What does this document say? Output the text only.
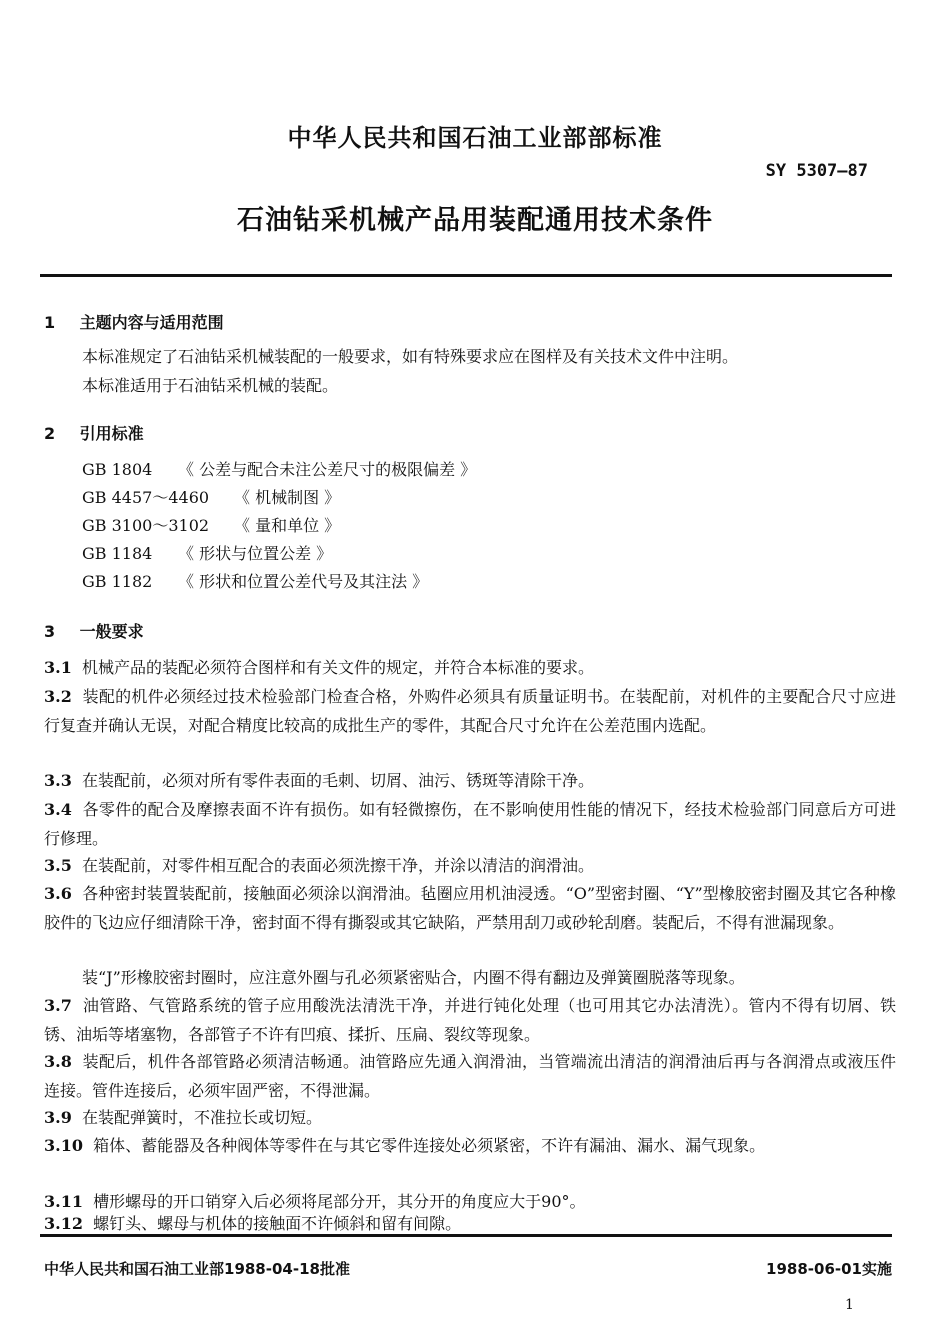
中华人民共和国石油工业部部标准
SY 5307—87
石油钻采机械产品用装配通用技术条件
1 主题内容与适用范围
本标准规定了石油钻采机械装配的一般要求，如有特殊要求应在图样及有关技术文件中注明。
本标准适用于石油钻采机械的装配。
2 引用标准
GB 1804 《 公差与配合未注公差尺寸的极限偏差 》
GB 4457～4460 《 机械制图 》
GB 3100～3102 《 量和单位 》
GB 1184 《 形状与位置公差 》
GB 1182 《 形状和位置公差代号及其注法 》
3 一般要求
3.1 机械产品的装配必须符合图样和有关文件的规定，并符合本标准的要求。
3.2 装配的机件必须经过技术检验部门检查合格，外购件必须具有质量证明书。在装配前，对机件的主要配合尺寸应进行复查并确认无误，对配合精度比较高的成批生产的零件，其配合尺寸允许在公差范围内选配。
3.3 在装配前，必须对所有零件表面的毛刺、切屑、油污、锈斑等清除干净。
3.4 各零件的配合及摩擦表面不许有损伤。如有轻微擦伤，在不影响使用性能的情况下，经技术检验部门同意后方可进行修理。
3.5 在装配前，对零件相互配合的表面必须洗擦干净，并涂以清洁的润滑油。
3.6 各种密封装置装配前，接触面必须涂以润滑油。毡圈应用机油浸透。“O”型密封圈、“Y”型橡胶密封圈及其它各种橡胶件的飞边应仔细清除干净，密封面不得有撕裂或其它缺陷，严禁用刮刀或砂轮刮磨。装配后，不得有泄漏现象。
装“J”形橡胶密封圈时，应注意外圈与孔必须紧密贴合，内圈不得有翻边及弹簧圈脱落等现象。
3.7 油管路、气管路系统的管子应用酸洗法清洗干净，并进行钝化处理（也可用其它办法清洗）。管内不得有切屑、铁锈、油垢等堵塞物，各部管子不许有凹痕、揉折、压扁、裂纹等现象。
3.8 装配后，机件各部管路必须清洁畅通。油管路应先通入润滑油，当管端流出清洁的润滑油后再与各润滑点或液压件连接。管件连接后，必须牢固严密，不得泄漏。
3.9 在装配弹簧时，不准拉长或切短。
3.10 箱体、蓄能器及各种阀体等零件在与其它零件连接处必须紧密，不许有漏油、漏水、漏气现象。
3.11 槽形螺母的开口销穿入后必须将尾部分开，其分开的角度应大于90°。
3.12 螺钉头、螺母与机体的接触面不许倾斜和留有间隙。
中华人民共和国石油工业部1988-04-18批准	1988-06-01实施
1
